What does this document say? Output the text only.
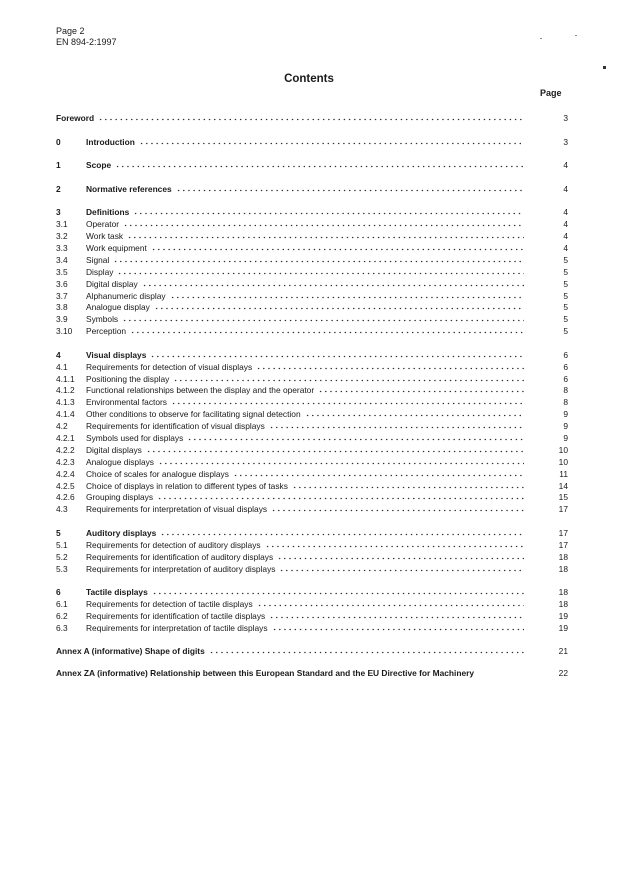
Page 2
EN 894-2:1997
Contents
Page
Foreword	3
0	Introduction	3
1	Scope	4
2	Normative references	4
3	Definitions	4
3.1	Operator	4
3.2	Work task	4
3.3	Work equipment	4
3.4	Signal	5
3.5	Display	5
3.6	Digital display	5
3.7	Alphanumeric display	5
3.8	Analogue display	5
3.9	Symbols	5
3.10	Perception	5
4	Visual displays	6
4.1	Requirements for detection of visual displays	6
4.1.1	Positioning the display	6
4.1.2	Functional relationships between the display and the operator	8
4.1.3	Environmental factors	8
4.1.4	Other conditions to observe for facilitating signal detection	9
4.2	Requirements for identification of visual displays	9
4.2.1	Symbols used for displays	9
4.2.2	Digital displays	10
4.2.3	Analogue displays	10
4.2.4	Choice of scales for analogue displays	11
4.2.5	Choice of displays in relation to different types of tasks	14
4.2.6	Grouping displays	15
4.3	Requirements for interpretation of visual displays	17
5	Auditory displays	17
5.1	Requirements for detection of auditory displays	17
5.2	Requirements for identification of auditory displays	18
5.3	Requirements for interpretation of auditory displays	18
6	Tactile displays	18
6.1	Requirements for detection of tactile displays	18
6.2	Requirements for identification of tactile displays	19
6.3	Requirements for interpretation of tactile displays	19
Annex A (informative) Shape of digits	21
Annex ZA (informative) Relationship between this European Standard and the EU Directive for Machinery	22
